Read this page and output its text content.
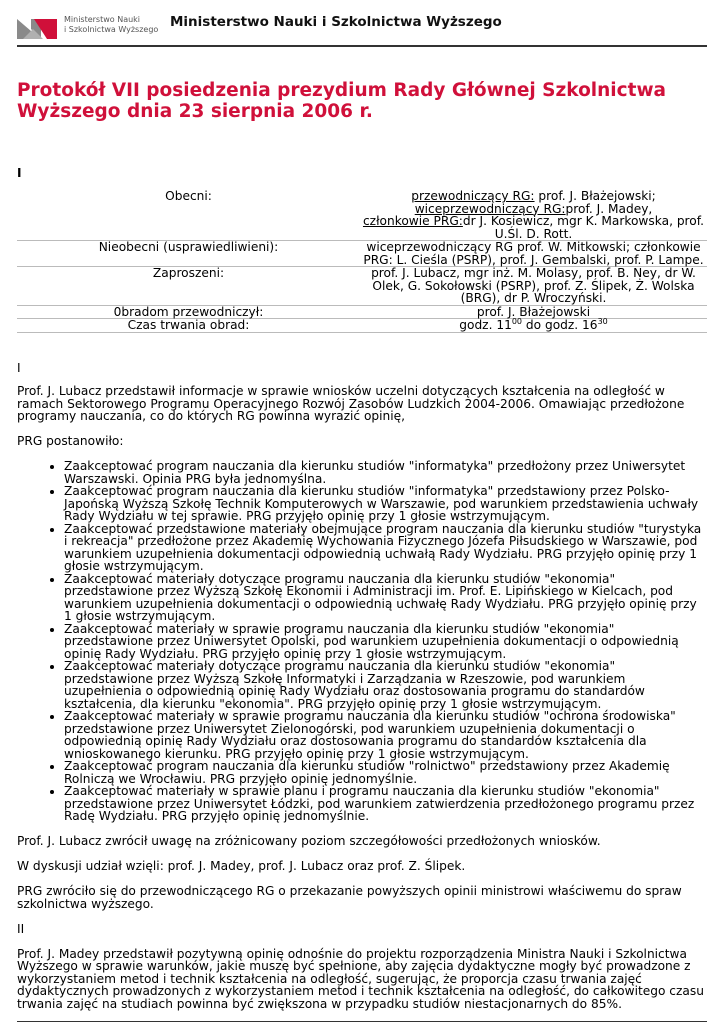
Ministerstwo Nauki
i Szkolnictwa Wyższego Ministerstwo Nauki i Szkolnictwa Wyższego
Protokół VII posiedzenia prezydium Rady Głównej Szkolnictwa Wyższego dnia 23 sierpnia 2006 r.
I
Obecni:	przewodniczący RG: prof. J. Błażejowski;
wiceprzewodniczący RG:prof. J. Madey,
członkowie PRG:dr J. Kosiewicz, mgr K. Markowska, prof. U.Śl. D. Rott.
Nieobecni (usprawiedliwieni):	wiceprzewodniczący RG prof. W. Mitkowski; członkowie PRG: L. Cieśla (PSRP), prof. J. Gembalski, prof. P. Lampe.
Zaproszeni:	prof. J. Lubacz, mgr inż. M. Molasy, prof. B. Ney, dr W. Olek, G. Sokołowski (PSRP), prof. Z. Ślipek, Ż. Wolska (BRG), dr P. Wroczyński.
0bradom przewodniczył:	prof. J. Błażejowski
Czas trwania obrad:	godz. $11^{00}$ do godz. $16^{30}$
I

Prof. J. Lubacz przedstawił informacje w sprawie wniosków uczelni dotyczących kształcenia na odległość w ramach Sektorowego Programu Operacyjnego Rozwój Zasobów Ludzkich 2004-2006. Omawiając przedłożone programy nauczania, co do których RG powinna wyrazić opinię,

PRG postanowiło:

• Zaakceptować program nauczania dla kierunku studiów "informatyka" przedłożony przez Uniwersytet Warszawski. Opinia PRG była jednomyślna.
• Zaakceptować program nauczania dla kierunku studiów "informatyka" przedstawiony przez Polsko-Japońską Wyższą Szkołę Technik Komputerowych w Warszawie, pod warunkiem przedstawienia uchwały Rady Wydziału w tej sprawie. PRG przyjęło opinię przy 1 głosie wstrzymującym.
• Zaakceptować przedstawione materiały obejmujące program nauczania dla kierunku studiów "turystyka i rekreacja" przedłożone przez Akademię Wychowania Fizycznego Józefa Piłsudskiego w Warszawie, pod warunkiem uzupełnienia dokumentacji odpowiednią uchwałą Rady Wydziału. PRG przyjęło opinię przy 1 głosie wstrzymującym.
• Zaakceptować materiały dotyczące programu nauczania dla kierunku studiów "ekonomia" przedstawione przez Wyższą Szkołę Ekonomii i Administracji im. Prof. E. Lipińskiego w Kielcach, pod warunkiem uzupełnienia dokumentacji o odpowiednią uchwałę Rady Wydziału. PRG przyjęło opinię przy 1 głosie wstrzymującym.
• Zaakceptować materiały w sprawie programu nauczania dla kierunku studiów "ekonomia" przedstawione przez Uniwersytet Opolski, pod warunkiem uzupełnienia dokumentacji o odpowiednią opinię Rady Wydziału. PRG przyjęło opinię przy 1 głosie wstrzymującym.
• Zaakceptować materiały dotyczące programu nauczania dla kierunku studiów "ekonomia" przedstawione przez Wyższą Szkołę Informatyki i Zarządzania w Rzeszowie, pod warunkiem uzupełnienia o odpowiednią opinię Rady Wydziału oraz dostosowania programu do standardów kształcenia, dla kierunku "ekonomia". PRG przyjęło opinię przy 1 głosie wstrzymującym.
• Zaakceptować materiały w sprawie programu nauczania dla kierunku studiów "ochrona środowiska" przedstawione przez Uniwersytet Zielonogórski, pod warunkiem uzupełnienia dokumentacji o odpowiednią opinię Rady Wydziału oraz dostosowania programu do standardów kształcenia dla wnioskowanego kierunku. PRG przyjęło opinię przy 1 głosie wstrzymującym.
• Zaakceptować program nauczania dla kierunku studiów "rolnictwo" przedstawiony przez Akademię Rolniczą we Wrocławiu. PRG przyjęło opinię jednomyślnie.
• Zaakceptować materiały w sprawie planu i programu nauczania dla kierunku studiów "ekonomia" przedstawione przez Uniwersytet Łódzki, pod warunkiem zatwierdzenia przedłożonego programu przez Radę Wydziału. PRG przyjęło opinię jednomyślnie.

Prof. J. Lubacz zwrócił uwagę na zróżnicowany poziom szczegółowości przedłożonych wniosków.

W dyskusji udział wzięli: prof. J. Madey, prof. J. Lubacz oraz prof. Z. Ślipek.

PRG zwróciło się do przewodniczącego RG o przekazanie powyższych opinii ministrowi właściwemu do spraw szkolnictwa wyższego.

II

Prof. J. Madey przedstawił pozytywną opinię odnośnie do projektu rozporządzenia Ministra Nauki i Szkolnictwa Wyższego w sprawie warunków, jakie muszę być spełnione, aby zajęcia dydaktyczne mogły być prowadzone z wykorzystaniem metod i technik kształcenia na odległość, sugerując, że proporcja czasu trwania zajęć dydaktycznych prowadzonych z wykorzystaniem metod i technik kształcenia na odległość, do całkowitego czasu trwania zajęć na studiach powinna być zwiększona w przypadku studiów niestacjonarnych do 85%.
